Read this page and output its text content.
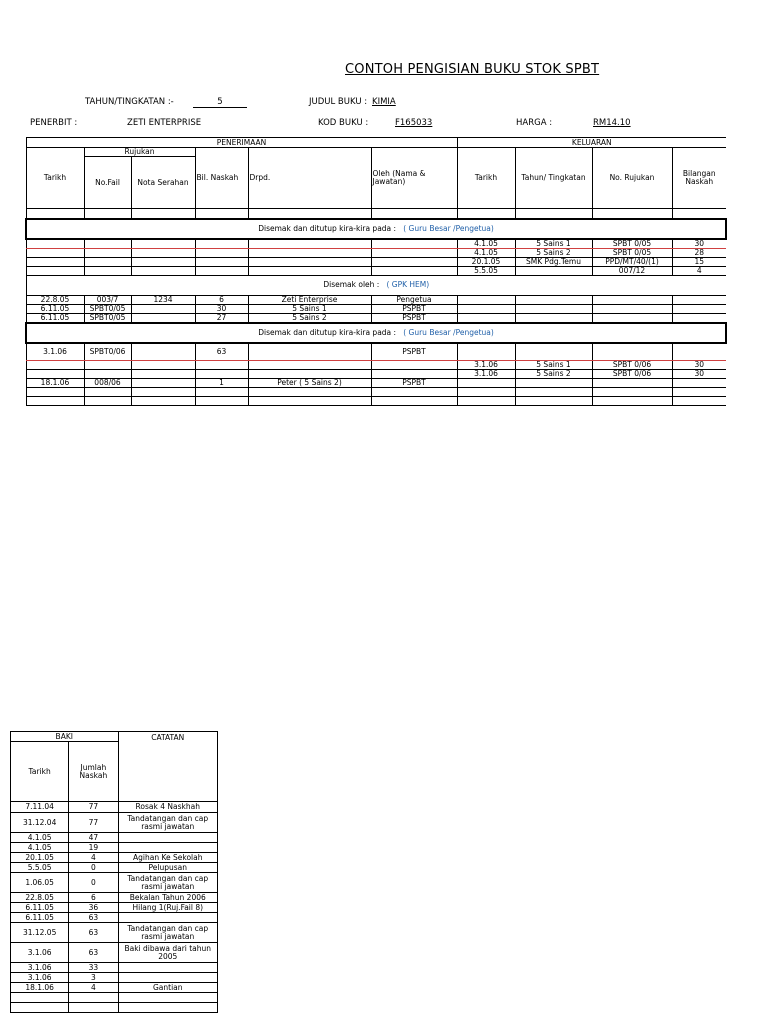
CONTOH PENGISIAN BUKU STOK SPBT
TAHUN/TINGKATAN :-	5	JUDUL BUKU : KIMIA
PENERBIT :	ZETI ENTERPRISE	KOD BUKU :	F165033	HARGA :	RM14.10
PENERIMAAN						KELUARAN			
Tarikh	Rujukan		Bil. Naskah	Drpd.	Oleh (Nama & Jawatan)	Tarikh	Tahun/ Tingkatan	No. Rujukan	Bilangan Naskah
	No.Fail	Nota Serahan							

Disemak dan ditutup kira-kira pada : ( Guru Besar /Pengetua)									
						4.1.05	5 Sains 1	SPBT 0/05	30
						4.1.05	5 Sains 2	SPBT 0/05	28
						20.1.05	SMK Pdg.Temu	PPD/MT/40/(1)	15
						5.5.05		007/12	4
Disemak oleh : ( GPK HEM)									
22.8.05	003/7	1234	6	Zeti Enterprise	Pengetua				
6.11.05	SPBT0/05		30	5 Sains 1	PSPBT				
6.11.05	SPBT0/05		27	5 Sains 2	PSPBT				
Disemak dan ditutup kira-kira pada : ( Guru Besar /Pengetua)									
3.1.06	SPBT0/06		63		PSPBT				
						3.1.06	5 Sains 1	SPBT 0/06	30
						3.1.06	5 Sains 2	SPBT 0/06	30
18.1.06	008/06		1	Peter ( 5 Sains 2)	PSPBT				

BAKI		CATATAN
Tarikh	Jumlah Naskah	
7.11.04	77	Rosak 4 Naskhah
31.12.04	77	Tandatangan dan cap rasmi jawatan
4.1.05	47	
4.1.05	19	
20.1.05	4	Agihan Ke Sekolah
5.5.05	0	Pelupusan
1.06.05	0	Tandatangan dan cap rasmi jawatan
22.8.05	6	Bekalan Tahun 2006
6.11.05	36	Hilang 1(Ruj.Fail 8)
6.11.05	63	
31.12.05	63	Tandatangan dan cap rasmi jawatan
3.1.06	63	Baki dibawa dari tahun 2005
3.1.06	33	
3.1.06	3	
18.1.06	4	Gantian
